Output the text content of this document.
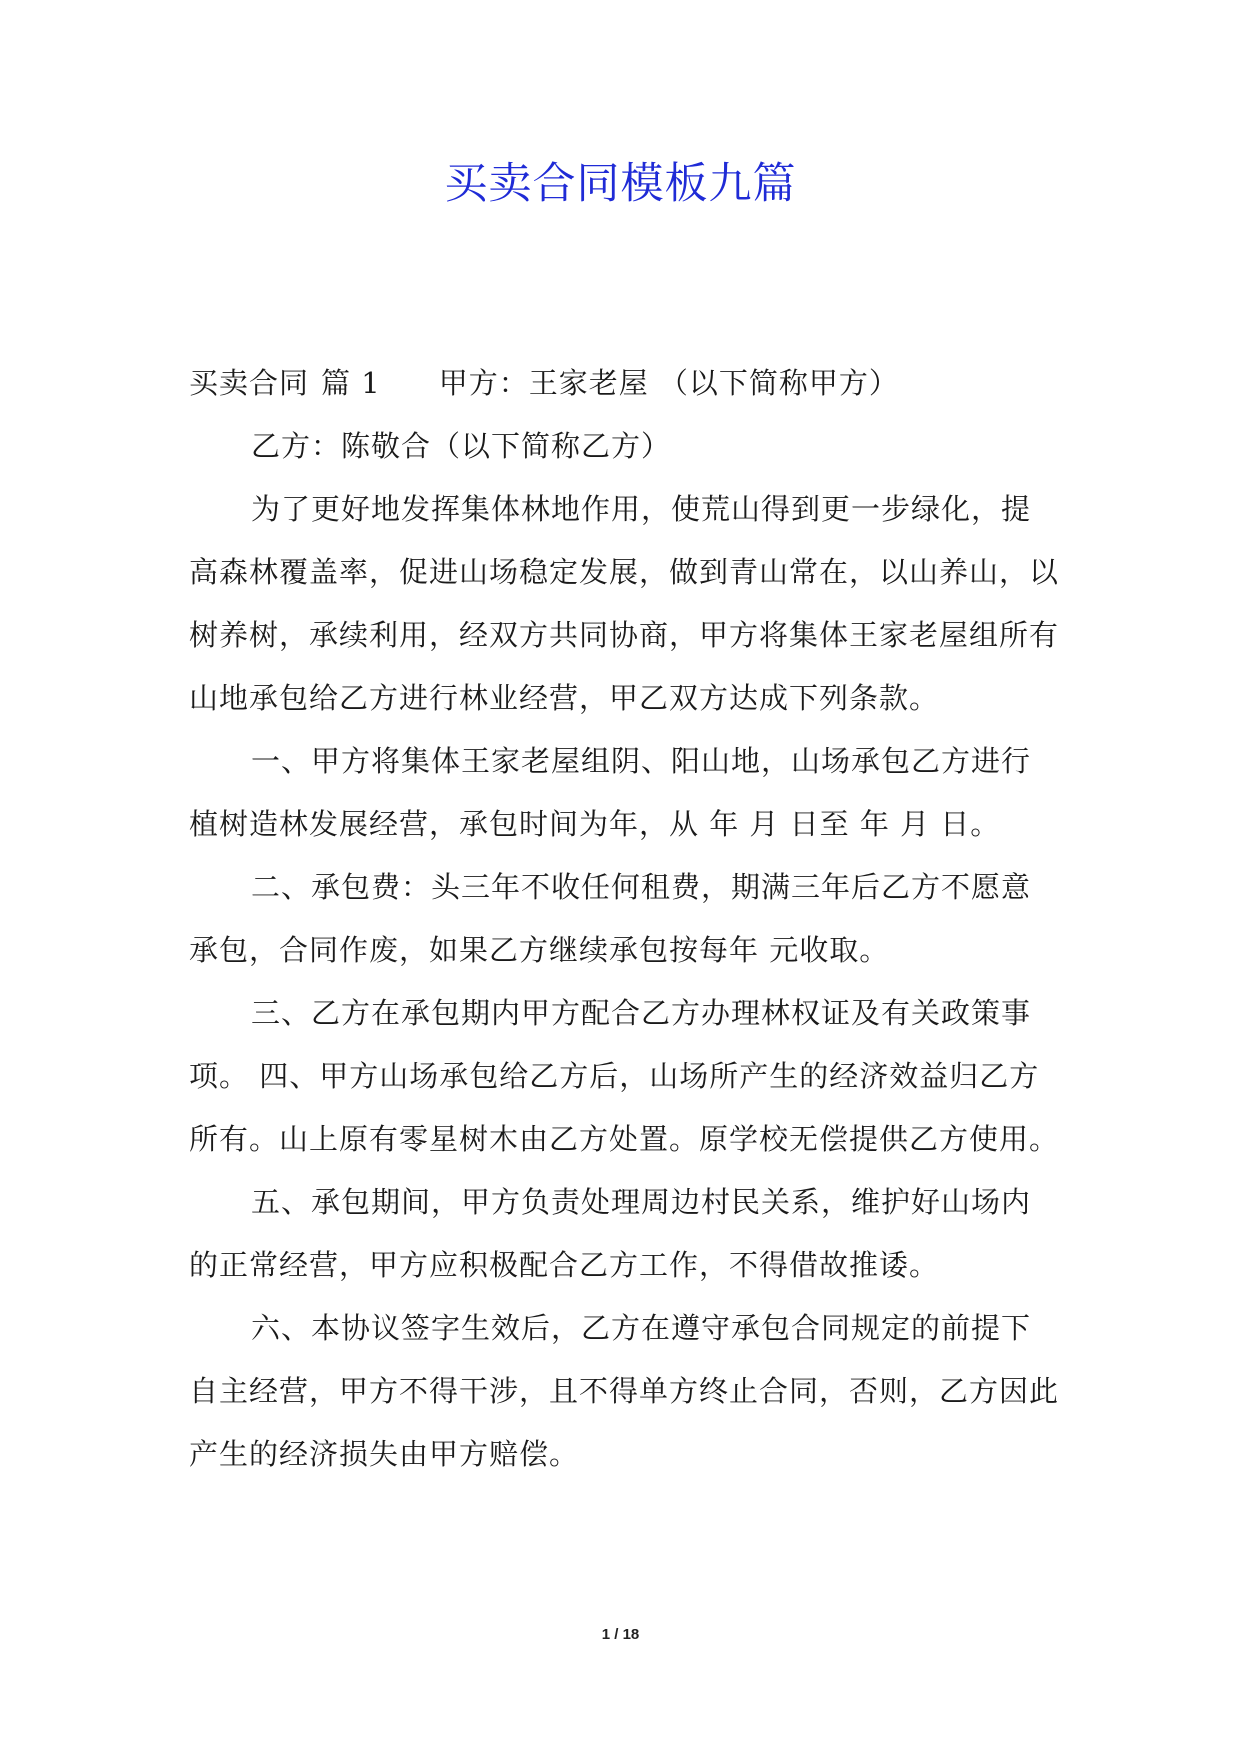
买卖合同模板九篇

买卖合同 篇 1 甲方：王家老屋 （以下简称甲方）

乙方：陈敬合（以下简称乙方）

为了更好地发挥集体林地作用，使荒山得到更一步绿化，提高森林覆盖率，促进山场稳定发展，做到青山常在，以山养山，以树养树，承续利用，经双方共同协商，甲方将集体王家老屋组所有山地承包给乙方进行林业经营，甲乙双方达成下列条款。

一、甲方将集体王家老屋组阴、阳山地，山场承包乙方进行植树造林发展经营，承包时间为年，从 年 月 日至 年 月 日。

二、承包费：头三年不收任何租费，期满三年后乙方不愿意承包，合同作废，如果乙方继续承包按每年 元收取。

三、乙方在承包期内甲方配合乙方办理林权证及有关政策事项。 四、甲方山场承包给乙方后，山场所产生的经济效益归乙方所有。山上原有零星树木由乙方处置。原学校无偿提供乙方使用。

五、承包期间，甲方负责处理周边村民关系，维护好山场内的正常经营，甲方应积极配合乙方工作，不得借故推诿。

六、本协议签字生效后，乙方在遵守承包合同规定的前提下自主经营，甲方不得干涉，且不得单方终止合同，否则，乙方因此产生的经济损失由甲方赔偿。

1 / 18
